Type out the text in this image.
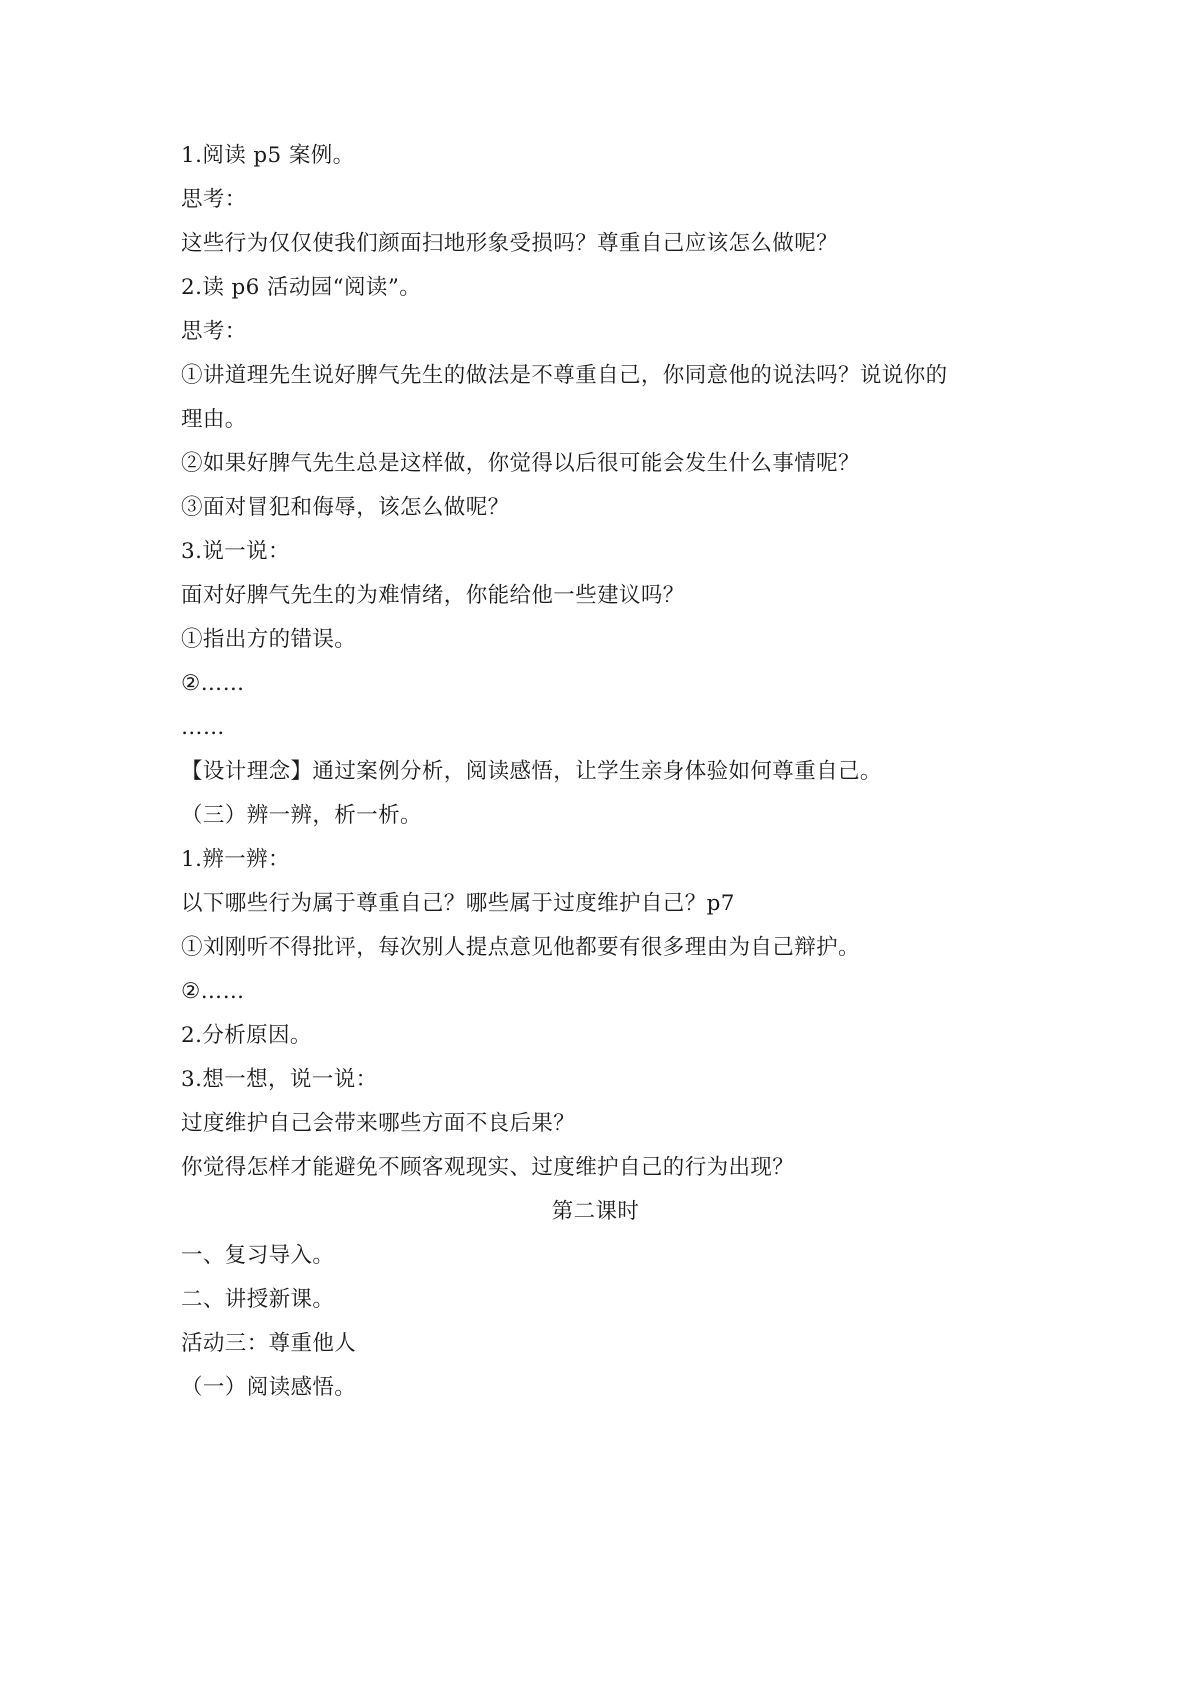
1.阅读 p5 案例。
思考：
这些行为仅仅使我们颜面扫地形象受损吗？尊重自己应该怎么做呢？
2.读 p6 活动园“阅读”。
思考：
①讲道理先生说好脾气先生的做法是不尊重自己，你同意他的说法吗？说说你的
理由。
②如果好脾气先生总是这样做，你觉得以后很可能会发生什么事情呢？
③面对冒犯和侮辱，该怎么做呢？
3.说一说：
面对好脾气先生的为难情绪，你能给他一些建议吗？
①指出方的错误。
②……
……
【设计理念】通过案例分析，阅读感悟，让学生亲身体验如何尊重自己。
（三）辨一辨，析一析。
1.辨一辨：
以下哪些行为属于尊重自己？哪些属于过度维护自己？p7
①刘刚听不得批评，每次别人提点意见他都要有很多理由为自己辩护。
②……
2.分析原因。
3.想一想，说一说：
过度维护自己会带来哪些方面不良后果？
你觉得怎样才能避免不顾客观现实、过度维护自己的行为出现？
第二课时
一、复习导入。
二、讲授新课。
活动三：尊重他人
（一）阅读感悟。
